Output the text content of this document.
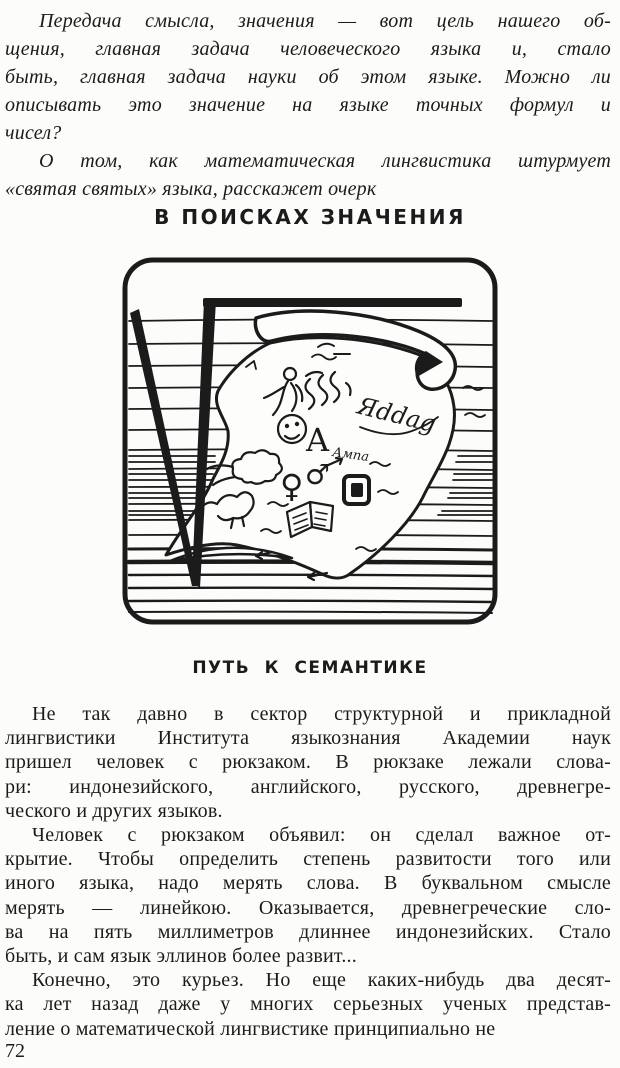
Передача смысла, значения — вот цель нашего об-
щения, главная задача человеческого языка и, стало
быть, главная задача науки об этом языке. Можно ли
описывать это значение на языке точных формул и
чисел?
О том, как математическая лингвистика штурмует
«святая святых» языка, расскажет очерк
В ПОИСКАХ ЗНАЧЕНИЯ
Яddag
A Ампа
♀ ♂
ПУТЬ К СЕМАНТИКЕ
Не так давно в сектор структурной и прикладной
лингвистики Института языкознания Академии наук
пришел человек с рюкзаком. В рюкзаке лежали слова-
ри: индонезийского, английского, русского, древнегре-
ческого и других языков.
Человек с рюкзаком объявил: он сделал важное от-
крытие. Чтобы определить степень развитости того или
иного языка, надо мерять слова. В буквальном смысле
мерять — линейкою. Оказывается, древнегреческие сло-
ва на пять миллиметров длиннее индонезийских. Стало
быть, и сам язык эллинов более развит...
Конечно, это курьез. Но еще каких-нибудь два десят-
ка лет назад даже у многих серьезных ученых представ-
ление о математической лингвистике принципиально не
72
